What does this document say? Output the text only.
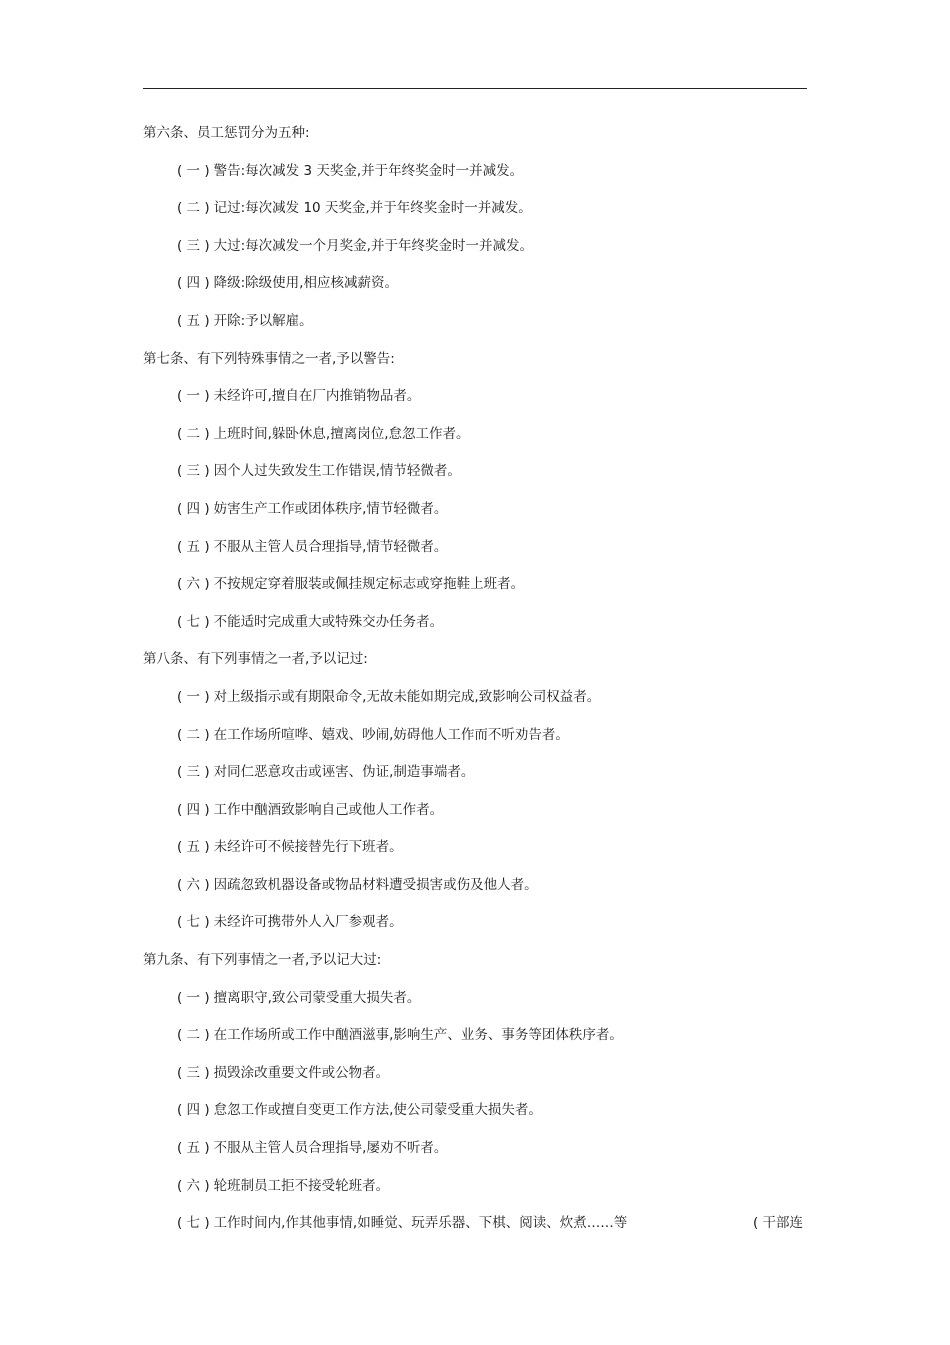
第六条、员工惩罚分为五种:
( 一 ) 警告:每次减发 3 天奖金,并于年终奖金时一并减发。
( 二 ) 记过:每次减发 10 天奖金,并于年终奖金时一并减发。
( 三 ) 大过:每次减发一个月奖金,并于年终奖金时一并减发。
( 四 ) 降级:除级使用,相应核减薪资。
( 五 ) 开除:予以解雇。
第七条、有下列特殊事情之一者,予以警告:
( 一 ) 未经许可,擅自在厂内推销物品者。
( 二 ) 上班时间,躲卧休息,擅离岗位,怠忽工作者。
( 三 ) 因个人过失致发生工作错误,情节轻微者。
( 四 ) 妨害生产工作或团体秩序,情节轻微者。
( 五 ) 不服从主管人员合理指导,情节轻微者。
( 六 ) 不按规定穿着服装或佩挂规定标志或穿拖鞋上班者。
( 七 ) 不能适时完成重大或特殊交办任务者。
第八条、有下列事情之一者,予以记过:
( 一 ) 对上级指示或有期限命令,无故未能如期完成,致影响公司权益者。
( 二 ) 在工作场所喧哗、嬉戏、吵闹,妨碍他人工作而不听劝告者。
( 三 ) 对同仁恶意攻击或诬害、伪证,制造事端者。
( 四 ) 工作中酗酒致影响自己或他人工作者。
( 五 ) 未经许可不候接替先行下班者。
( 六 ) 因疏忽致机器设备或物品材料遭受损害或伤及他人者。
( 七 ) 未经许可携带外人入厂参观者。
第九条、有下列事情之一者,予以记大过:
( 一 ) 擅离职守,致公司蒙受重大损失者。
( 二 ) 在工作场所或工作中酗酒滋事,影响生产、业务、事务等团体秩序者。
( 三 ) 损毁涂改重要文件或公物者。
( 四 ) 怠忽工作或擅自变更工作方法,使公司蒙受重大损失者。
( 五 ) 不服从主管人员合理指导,屡劝不听者。
( 六 ) 轮班制员工拒不接受轮班者。
( 七 ) 工作时间内,作其他事情,如睡觉、玩弄乐器、下棋、阅读、炊煮……等	( 干部连
